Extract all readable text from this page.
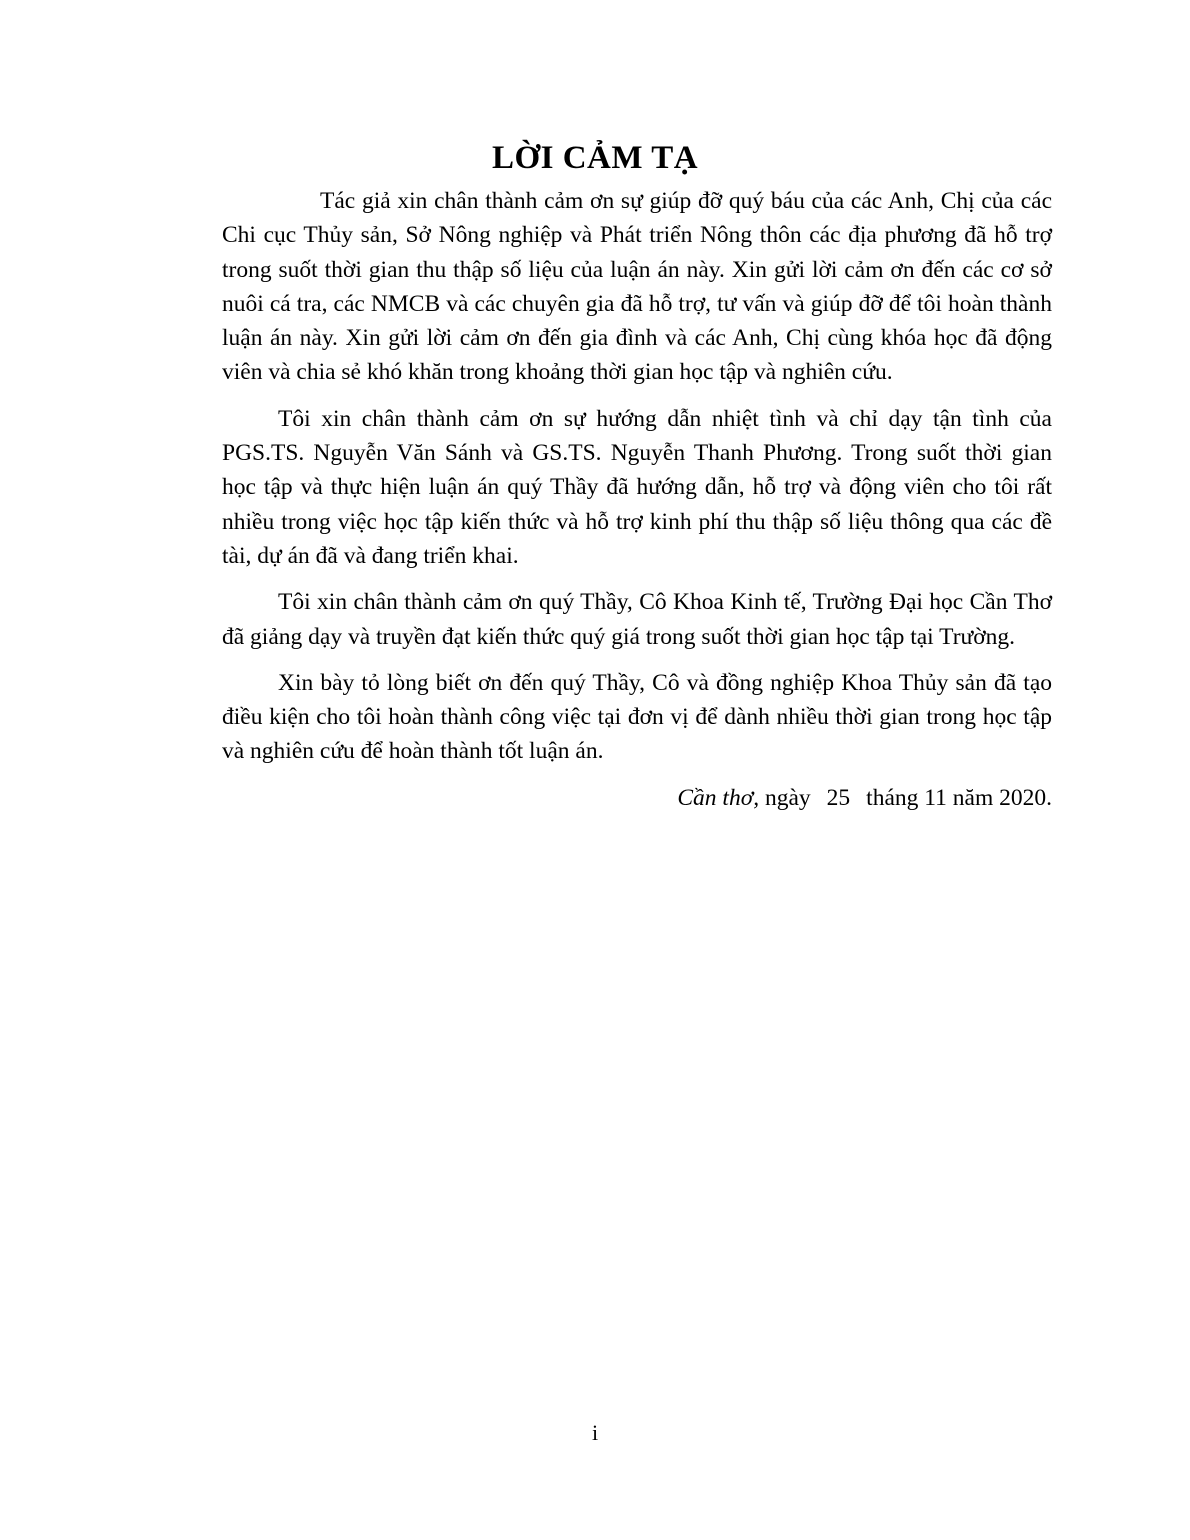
LỜI CẢM TẠ

Tác giả xin chân thành cảm ơn sự giúp đỡ quý báu của các Anh, Chị của các Chi cục Thủy sản, Sở Nông nghiệp và Phát triển Nông thôn các địa phương đã hỗ trợ trong suốt thời gian thu thập số liệu của luận án này. Xin gửi lời cảm ơn đến các cơ sở nuôi cá tra, các NMCB và các chuyên gia đã hỗ trợ, tư vấn và giúp đỡ để tôi hoàn thành luận án này. Xin gửi lời cảm ơn đến gia đình và các Anh, Chị cùng khóa học đã động viên và chia sẻ khó khăn trong khoảng thời gian học tập và nghiên cứu.

Tôi xin chân thành cảm ơn sự hướng dẫn nhiệt tình và chỉ dạy tận tình của PGS.TS. Nguyễn Văn Sánh và GS.TS. Nguyễn Thanh Phương. Trong suốt thời gian học tập và thực hiện luận án quý Thầy đã hướng dẫn, hỗ trợ và động viên cho tôi rất nhiều trong việc học tập kiến thức và hỗ trợ kinh phí thu thập số liệu thông qua các đề tài, dự án đã và đang triển khai.

Tôi xin chân thành cảm ơn quý Thầy, Cô Khoa Kinh tế, Trường Đại học Cần Thơ đã giảng dạy và truyền đạt kiến thức quý giá trong suốt thời gian học tập tại Trường.

Xin bày tỏ lòng biết ơn đến quý Thầy, Cô và đồng nghiệp Khoa Thủy sản đã tạo điều kiện cho tôi hoàn thành công việc tại đơn vị để dành nhiều thời gian trong học tập và nghiên cứu để hoàn thành tốt luận án.

Cần thơ, ngày 25 tháng 11 năm 2020.

i
